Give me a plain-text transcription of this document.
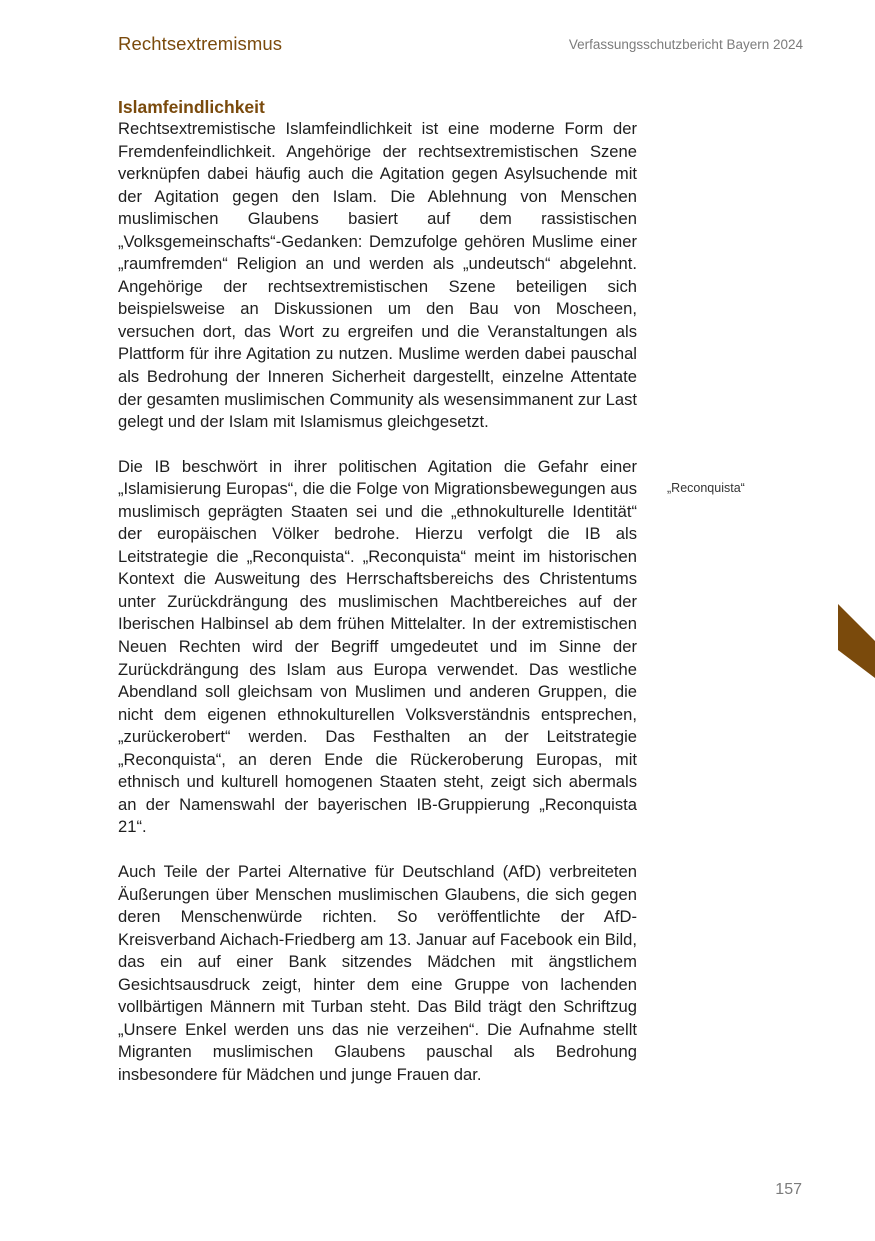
Rechtsextremismus	Verfassungsschutzbericht Bayern 2024
Islamfeindlichkeit

Rechtsextremistische Islamfeindlichkeit ist eine moderne Form der Fremdenfeindlichkeit. Angehörige der rechtsextremistischen Szene verknüpfen dabei häufig auch die Agitation gegen Asylsuchende mit der Agitation gegen den Islam. Die Ablehnung von Menschen muslimischen Glaubens basiert auf dem rassistischen „Volksgemeinschafts“-Gedanken: Demzufolge gehören Muslime einer „raumfremden“ Religion an und werden als „undeutsch“ abgelehnt. Angehörige der rechtsextremistischen Szene beteiligen sich beispielsweise an Diskussionen um den Bau von Moscheen, versuchen dort, das Wort zu ergreifen und die Veranstaltungen als Plattform für ihre Agitation zu nutzen. Muslime werden dabei pauschal als Bedrohung der Inneren Sicherheit dargestellt, einzelne Attentate der gesamten muslimischen Community als wesensimmanent zur Last gelegt und der Islam mit Islamismus gleichgesetzt.

Die IB beschwört in ihrer politischen Agitation die Gefahr einer „Islamisierung Europas“, die die Folge von Migrationsbewegungen aus muslimisch geprägten Staaten sei und die „ethnokulturelle Identität“ der europäischen Völker bedrohe. Hierzu verfolgt die IB als Leitstrategie die „Reconquista“. „Reconquista“ meint im historischen Kontext die Ausweitung des Herrschaftsbereichs des Christentums unter Zurückdrängung des muslimischen Machtbereiches auf der Iberischen Halbinsel ab dem frühen Mittelalter. In der extremistischen Neuen Rechten wird der Begriff umgedeutet und im Sinne der Zurückdrängung des Islam aus Europa verwendet. Das westliche Abendland soll gleichsam von Muslimen und anderen Gruppen, die nicht dem eigenen ethnokulturellen Volksverständnis entsprechen, „zurückerobert“ werden. Das Festhalten an der Leitstrategie „Reconquista“, an deren Ende die Rückeroberung Europas, mit ethnisch und kulturell homogenen Staaten steht, zeigt sich abermals an der Namenswahl der bayerischen IB-Gruppierung „Reconquista 21“.

Auch Teile der Partei Alternative für Deutschland (AfD) verbreiteten Äußerungen über Menschen muslimischen Glaubens, die sich gegen deren Menschenwürde richten. So veröffentlichte der AfD-Kreisverband Aichach-Friedberg am 13. Januar auf Facebook ein Bild, das ein auf einer Bank sitzendes Mädchen mit ängstlichem Gesichtsausdruck zeigt, hinter dem eine Gruppe von lachenden vollbärtigen Männern mit Turban steht. Das Bild trägt den Schriftzug „Unsere Enkel werden uns das nie verzeihen“. Die Aufnahme stellt Migranten muslimischen Glaubens pauschal als Bedrohung insbesondere für Mädchen und junge Frauen dar.

„Reconquista“
157
